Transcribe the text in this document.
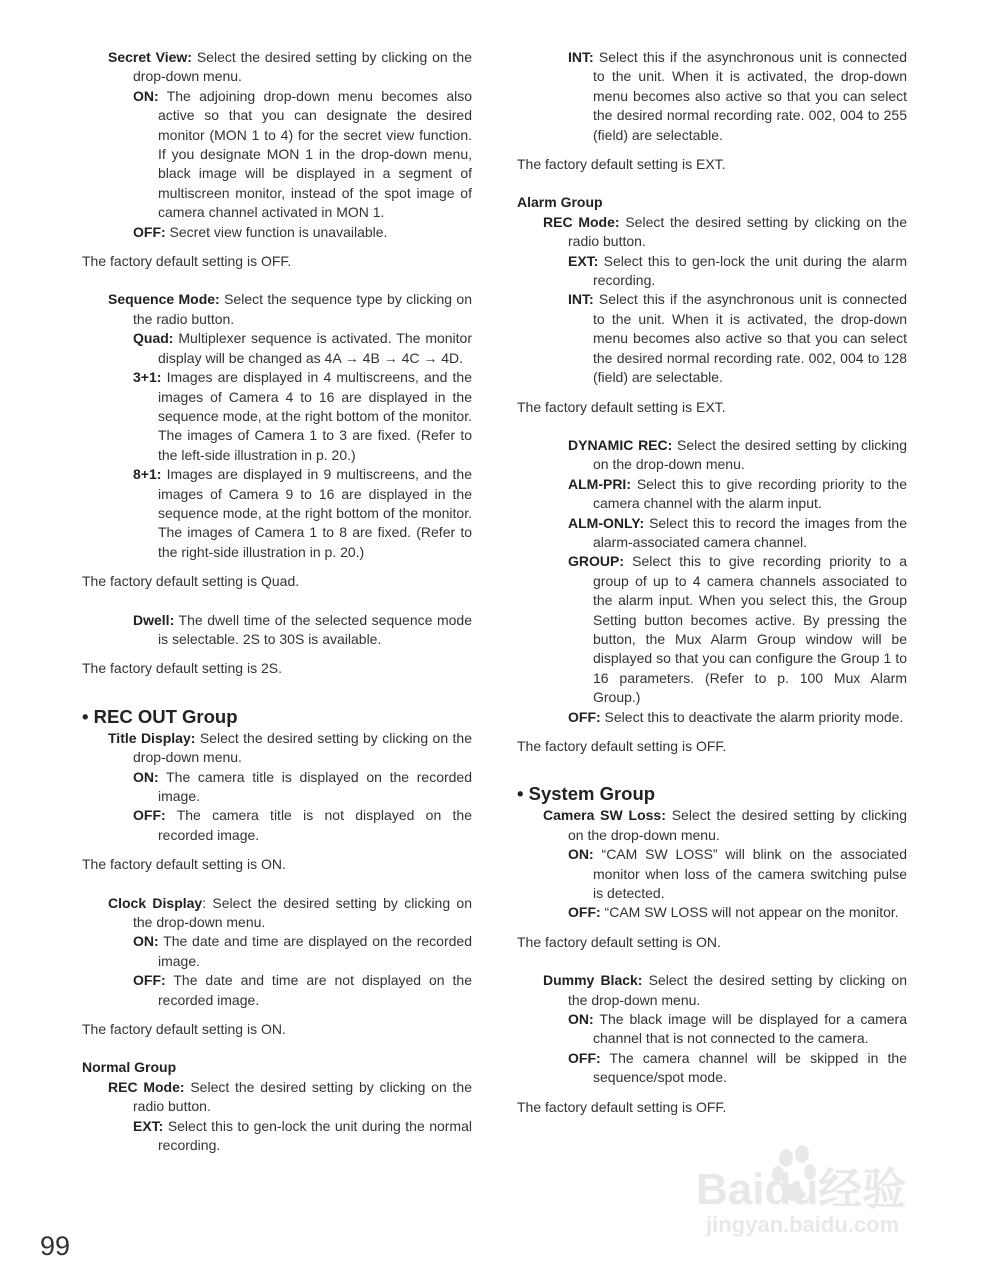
Secret View: Select the desired setting by clicking on the drop-down menu.

ON: The adjoining drop-down menu becomes also active so that you can designate the desired monitor (MON 1 to 4) for the secret view function. If you designate MON 1 in the drop-down menu, black image will be displayed in a segment of multiscreen monitor, instead of the spot image of camera channel activated in MON 1.

OFF: Secret view function is unavailable.

The factory default setting is OFF.

Sequence Mode: Select the sequence type by clicking on the radio button.

Quad: Multiplexer sequence is activated. The monitor display will be changed as 4A → 4B → 4C → 4D.

3+1: Images are displayed in 4 multiscreens, and the images of Camera 4 to 16 are displayed in the sequence mode, at the right bottom of the monitor. The images of Camera 1 to 3 are fixed. (Refer to the left-side illustration in p. 20.)

8+1: Images are displayed in 9 multiscreens, and the images of Camera 9 to 16 are displayed in the sequence mode, at the right bottom of the monitor. The images of Camera 1 to 8 are fixed. (Refer to the right-side illustration in p. 20.)

The factory default setting is Quad.

Dwell: The dwell time of the selected sequence mode is selectable. 2S to 30S is available.

The factory default setting is 2S.

• REC OUT Group

Title Display: Select the desired setting by clicking on the drop-down menu.

ON: The camera title is displayed on the recorded image.

OFF: The camera title is not displayed on the recorded image.

The factory default setting is ON.

Clock Display: Select the desired setting by clicking on the drop-down menu.

ON: The date and time are displayed on the recorded image.

OFF: The date and time are not displayed on the recorded image.

The factory default setting is ON.

Normal Group

REC Mode: Select the desired setting by clicking on the radio button.

EXT: Select this to gen-lock the unit during the normal recording.

INT: Select this if the asynchronous unit is connected to the unit. When it is activated, the drop-down menu becomes also active so that you can select the desired normal recording rate. 002, 004 to 255 (field) are selectable.

The factory default setting is EXT.

Alarm Group

REC Mode: Select the desired setting by clicking on the radio button.

EXT: Select this to gen-lock the unit during the alarm recording.

INT: Select this if the asynchronous unit is connected to the unit. When it is activated, the drop-down menu becomes also active so that you can select the desired normal recording rate. 002, 004 to 128 (field) are selectable.

The factory default setting is EXT.

DYNAMIC REC: Select the desired setting by clicking on the drop-down menu.

ALM-PRI: Select this to give recording priority to the camera channel with the alarm input.

ALM-ONLY: Select this to record the images from the alarm-associated camera channel.

GROUP: Select this to give recording priority to a group of up to 4 camera channels associated to the alarm input. When you select this, the Group Setting button becomes active. By pressing the button, the Mux Alarm Group window will be displayed so that you can configure the Group 1 to 16 parameters. (Refer to p. 100 Mux Alarm Group.)

OFF: Select this to deactivate the alarm priority mode.

The factory default setting is OFF.

• System Group

Camera SW Loss: Select the desired setting by clicking on the drop-down menu.

ON: “CAM SW LOSS” will blink on the associated monitor when loss of the camera switching pulse is detected.

OFF: “CAM SW LOSS will not appear on the monitor.

The factory default setting is ON.

Dummy Black: Select the desired setting by clicking on the drop-down menu.

ON: The black image will be displayed for a camera channel that is not connected to the camera.

OFF: The camera channel will be skipped in the sequence/spot mode.

The factory default setting is OFF.

99
Baidu经验
jingyan.baidu.com
